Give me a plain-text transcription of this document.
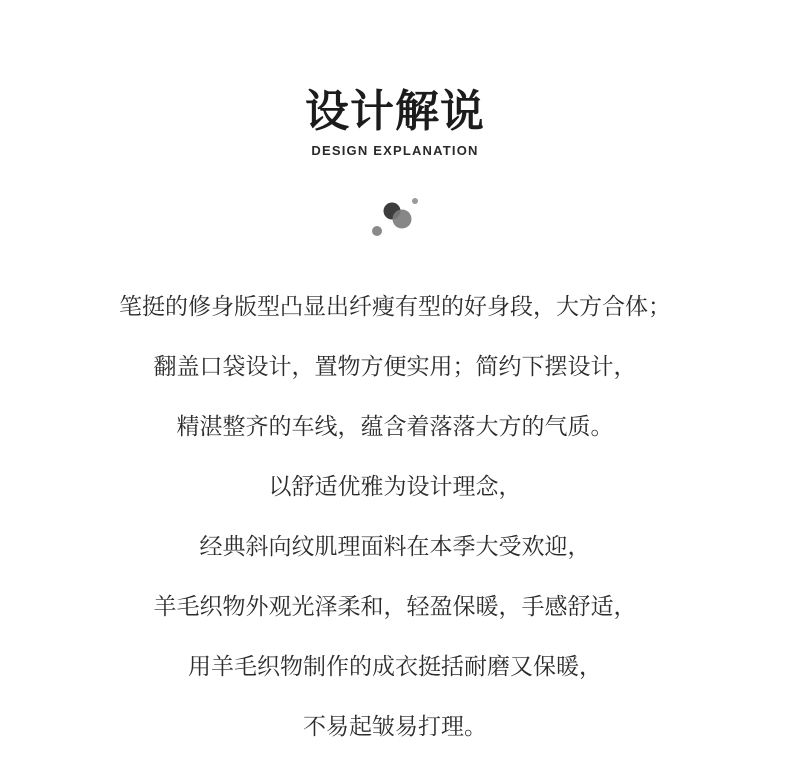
设计解说
DESIGN EXPLANATION
笔挺的修身版型凸显出纤瘦有型的好身段，大方合体；
翻盖口袋设计，置物方便实用；简约下摆设计，
精湛整齐的车线，蕴含着落落大方的气质。
以舒适优雅为设计理念，
经典斜向纹肌理面料在本季大受欢迎，
羊毛织物外观光泽柔和，轻盈保暖，手感舒适，
用羊毛织物制作的成衣挺括耐磨又保暖，
不易起皱易打理。
